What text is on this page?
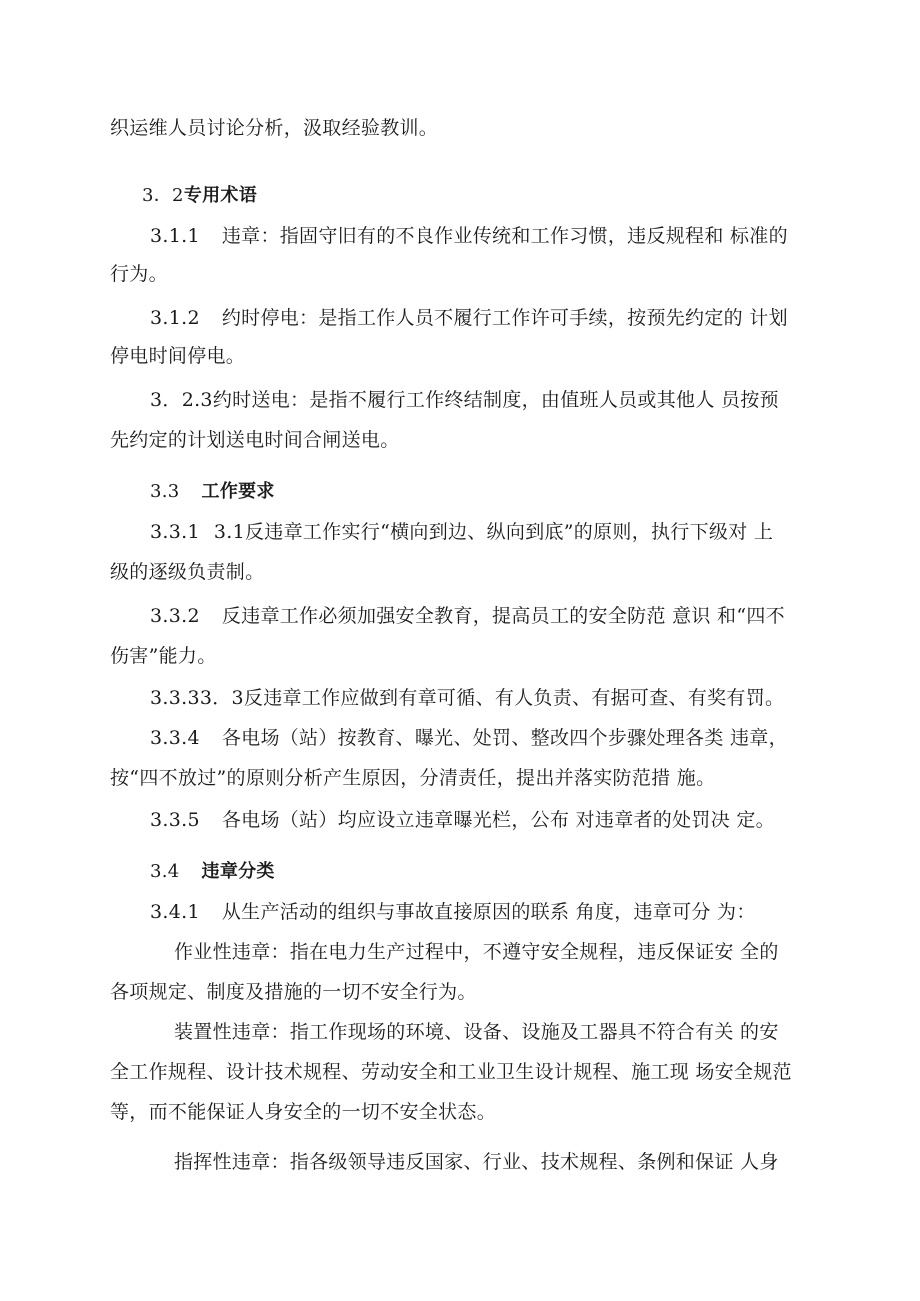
织运维人员讨论分析，汲取经验教训。
3．2专用术语
3.1.1 违章：指固守旧有的不良作业传统和工作习惯，违反规程和 标准的
行为。
3.1.2 约时停电：是指工作人员不履行工作许可手续，按预先约定的 计划
停电时间停电。
3．2.3约时送电：是指不履行工作终结制度，由值班人员或其他人 员按预
先约定的计划送电时间合闸送电。
3.3 工作要求
3.3.1 3.1反违章工作实行“横向到边、纵向到底”的原则，执行下级对 上
级的逐级负责制。
3.3.2 反违章工作必须加强安全教育，提高员工的安全防范 意识 和“四不
伤害”能力。
3.3.33．3反违章工作应做到有章可循、有人负责、有据可查、有奖有罚。
3.3.4 各电场（站）按教育、曝光、处罚、整改四个步骤处理各类 违章，
按“四不放过”的原则分析产生原因，分清责任，提出并落实防范措 施。
3.3.5 各电场（站）均应设立违章曝光栏，公布 对违章者的处罚决 定。
3.4 违章分类
3.4.1 从生产活动的组织与事故直接原因的联系 角度，违章可分 为：
作业性违章：指在电力生产过程中，不遵守安全规程，违反保证安 全的
各项规定、制度及措施的一切不安全行为。
装置性违章：指工作现场的环境、设备、设施及工器具不符合有关 的安
全工作规程、设计技术规程、劳动安全和工业卫生设计规程、施工现 场安全规范
等，而不能保证人身安全的一切不安全状态。
指挥性违章：指各级领导违反国家、行业、技术规程、条例和保证 人身
